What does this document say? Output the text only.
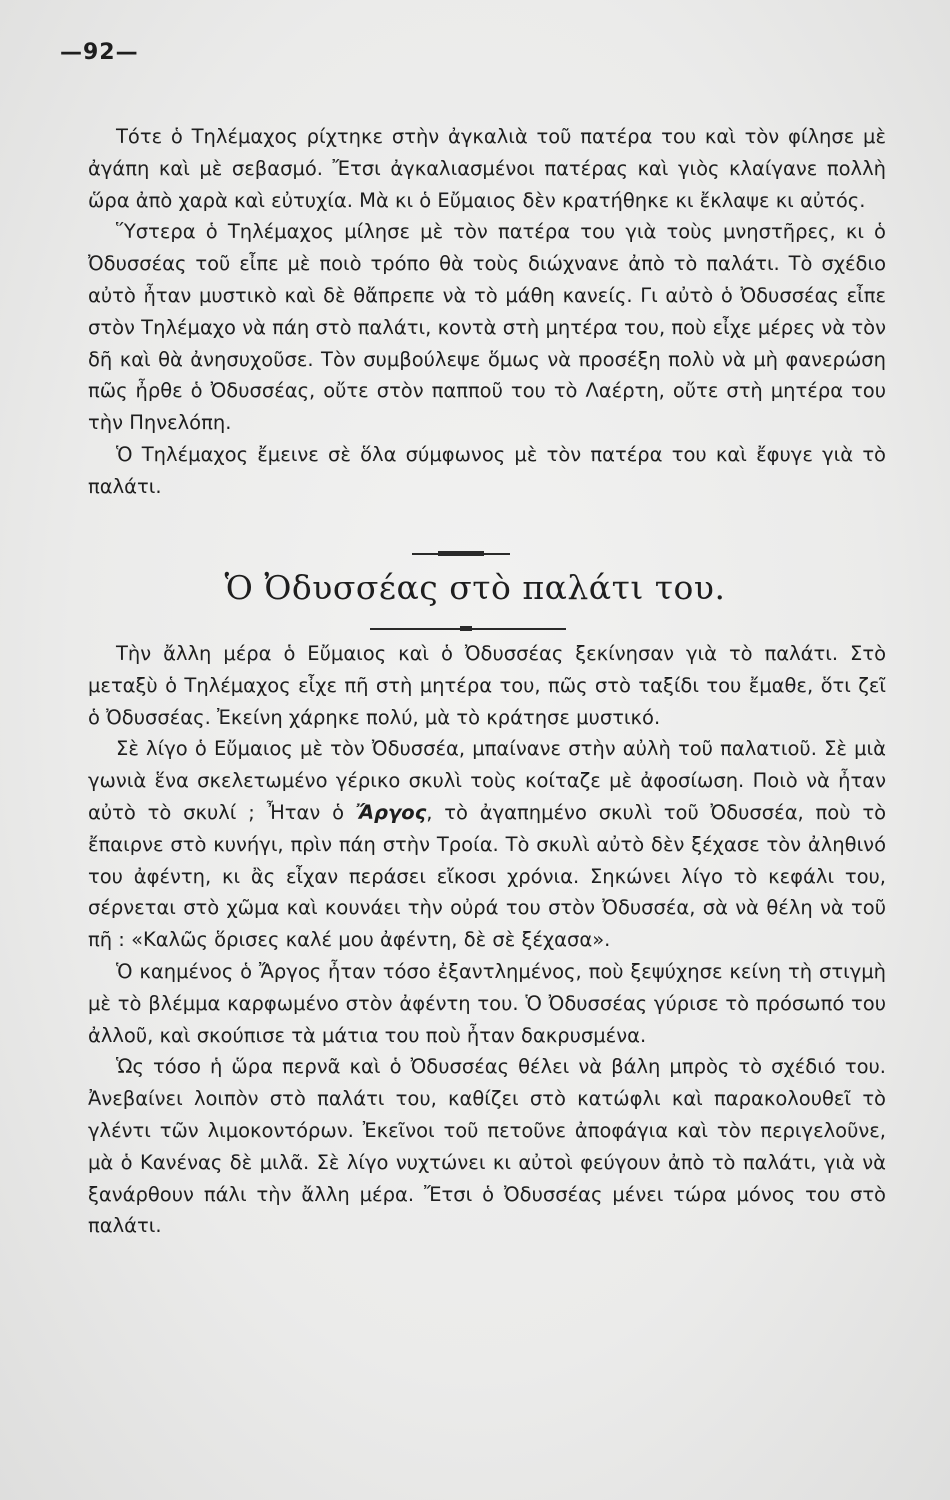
—92—

Τότε ὁ Τηλέμαχος ρίχτηκε στὴν ἀγκαλιὰ τοῦ πατέρα του καὶ τὸν φίλησε μὲ ἀγάπη καὶ μὲ σεβασμό. Ἔτσι ἀγκαλιασμένοι πατέρας καὶ γιὸς κλαίγανε πολλὴ ὥρα ἀπὸ χαρὰ καὶ εὐτυχία. Μὰ κι ὁ Εὔμαιος δὲν κρατήθηκε κι ἔκλαψε κι αὐτός.

Ὕστερα ὁ Τηλέμαχος μίλησε μὲ τὸν πατέρα του γιὰ τοὺς μνηστῆρες, κι ὁ Ὀδυσσέας τοῦ εἶπε μὲ ποιὸ τρόπο θὰ τοὺς διώχνανε ἀπὸ τὸ παλάτι. Τὸ σχέδιο αὐτὸ ἦταν μυστικὸ καὶ δὲ θἄπρεπε νὰ τὸ μάθη κανείς. Γι αὐτὸ ὁ Ὀδυσσέας εἶπε στὸν Τηλέμαχο νὰ πάη στὸ παλάτι, κοντὰ στὴ μητέρα του, ποὺ εἶχε μέρες νὰ τὸν δῆ καὶ θὰ ἀνησυχοῦσε. Τὸν συμβούλεψε ὅμως νὰ προσέξη πολὺ νὰ μὴ φανερώση πῶς ἦρθε ὁ Ὀδυσσέας, οὔτε στὸν παπποῦ του τὸ Λαέρτη, οὔτε στὴ μητέρα του τὴν Πηνελόπη.

Ὁ Τηλέμαχος ἔμεινε σὲ ὅλα σύμφωνος μὲ τὸν πατέρα του καὶ ἔφυγε γιὰ τὸ παλάτι.

Ὁ Ὀδυσσέας στὸ παλάτι του.

Τὴν ἄλλη μέρα ὁ Εὔμαιος καὶ ὁ Ὀδυσσέας ξεκίνησαν γιὰ τὸ παλάτι. Στὸ μεταξὺ ὁ Τηλέμαχος εἶχε πῆ στὴ μητέρα του, πῶς στὸ ταξίδι του ἔμαθε, ὅτι ζεῖ ὁ Ὀδυσσέας. Ἐκείνη χάρηκε πολύ, μὰ τὸ κράτησε μυστικό.

Σὲ λίγο ὁ Εὔμαιος μὲ τὸν Ὀδυσσέα, μπαίνανε στὴν αὐλὴ τοῦ παλατιοῦ. Σὲ μιὰ γωνιὰ ἕνα σκελετωμένο γέρικο σκυλὶ τοὺς κοίταζε μὲ ἀφοσίωση. Ποιὸ νὰ ἦταν αὐτὸ τὸ σκυλί ; Ἦταν ὁ Ἄργος, τὸ ἀγαπημένο σκυλὶ τοῦ Ὀδυσσέα, ποὺ τὸ ἔπαιρνε στὸ κυνήγι, πρὶν πάη στὴν Τροία. Τὸ σκυλὶ αὐτὸ δὲν ξέχασε τὸν ἀληθινό του ἀφέντη, κι ἂς εἶχαν περάσει εἴκοσι χρόνια. Σηκώνει λίγο τὸ κεφάλι του, σέρνεται στὸ χῶμα καὶ κουνάει τὴν οὐρά του στὸν Ὀδυσσέα, σὰ νὰ θέλη νὰ τοῦ πῆ : «Καλῶς ὅρισες καλέ μου ἀφέντη, δὲ σὲ ξέχασα».

Ὁ καημένος ὁ Ἄργος ἦταν τόσο ἐξαντλημένος, ποὺ ξεψύχησε κείνη τὴ στιγμὴ μὲ τὸ βλέμμα καρφωμένο στὸν ἀφέντη του. Ὁ Ὀδυσσέας γύρισε τὸ πρόσωπό του ἀλλοῦ, καὶ σκούπισε τὰ μάτια του ποὺ ἦταν δακρυσμένα.

Ὡς τόσο ἡ ὥρα περνᾶ καὶ ὁ Ὀδυσσέας θέλει νὰ βάλη μπρὸς τὸ σχέδιό του. Ἀνεβαίνει λοιπὸν στὸ παλάτι του, καθίζει στὸ κατώφλι καὶ παρακολουθεῖ τὸ γλέντι τῶν λιμοκοντόρων. Ἐκεῖνοι τοῦ πετοῦνε ἀποφάγια καὶ τὸν περιγελοῦνε, μὰ ὁ Κανένας δὲ μιλᾶ. Σὲ λίγο νυχτώνει κι αὐτοὶ φεύγουν ἀπὸ τὸ παλάτι, γιὰ νὰ ξανάρθουν πάλι τὴν ἄλλη μέρα. Ἔτσι ὁ Ὀδυσσέας μένει τώρα μόνος του στὸ παλάτι.
